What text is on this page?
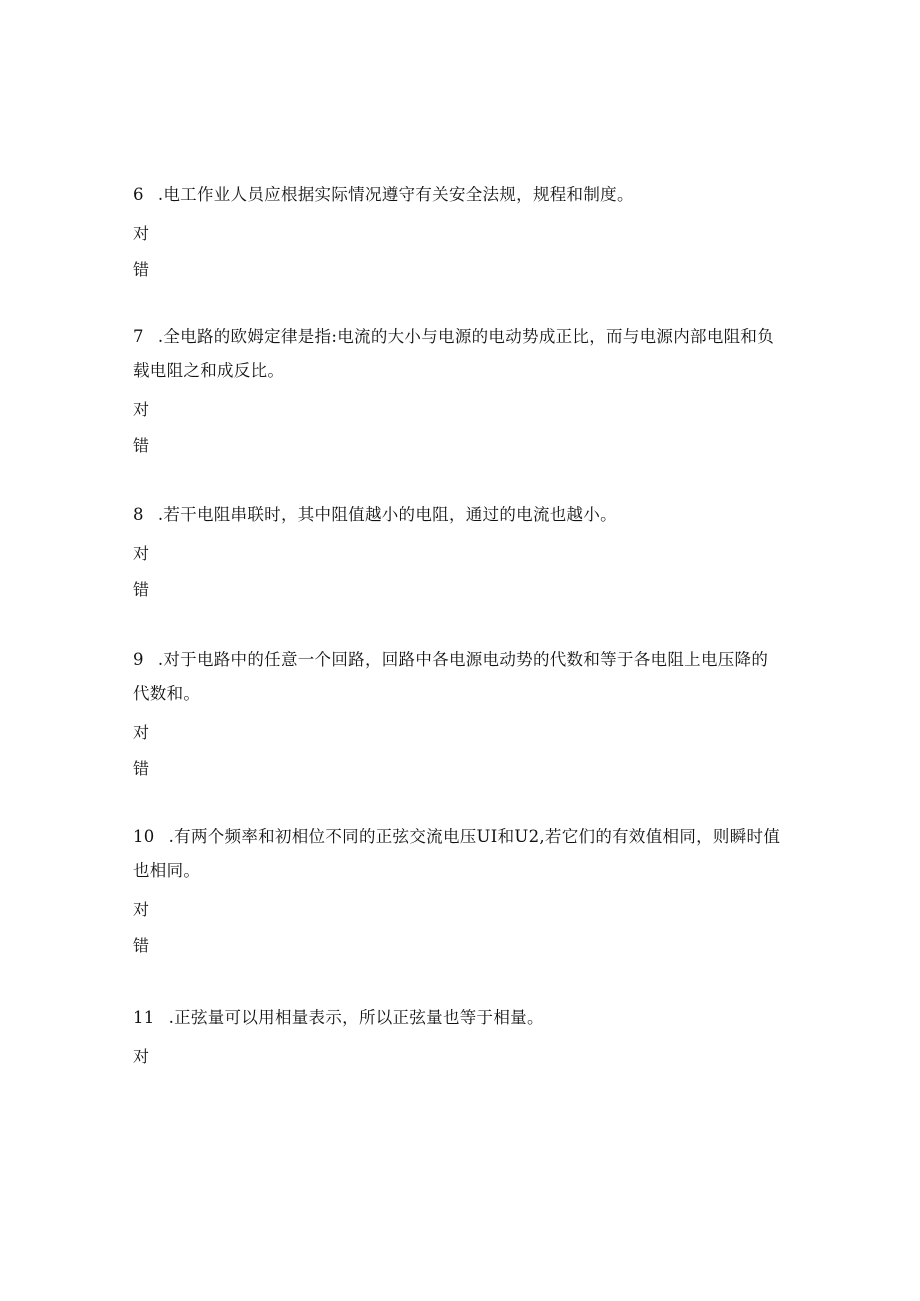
6 .电工作业人员应根据实际情况遵守有关安全法规，规程和制度。

对

错

7 .全电路的欧姆定律是指:电流的大小与电源的电动势成正比，而与电源内部电阻和负载电阻之和成反比。

对

错

8 .若干电阻串联时，其中阻值越小的电阻，通过的电流也越小。

对

错

9 .对于电路中的任意一个回路，回路中各电源电动势的代数和等于各电阻上电压降的代数和。

对

错

10 .有两个频率和初相位不同的正弦交流电压UI和U2,若它们的有效值相同，则瞬时值也相同。

对

错

11 .正弦量可以用相量表示，所以正弦量也等于相量。

对
